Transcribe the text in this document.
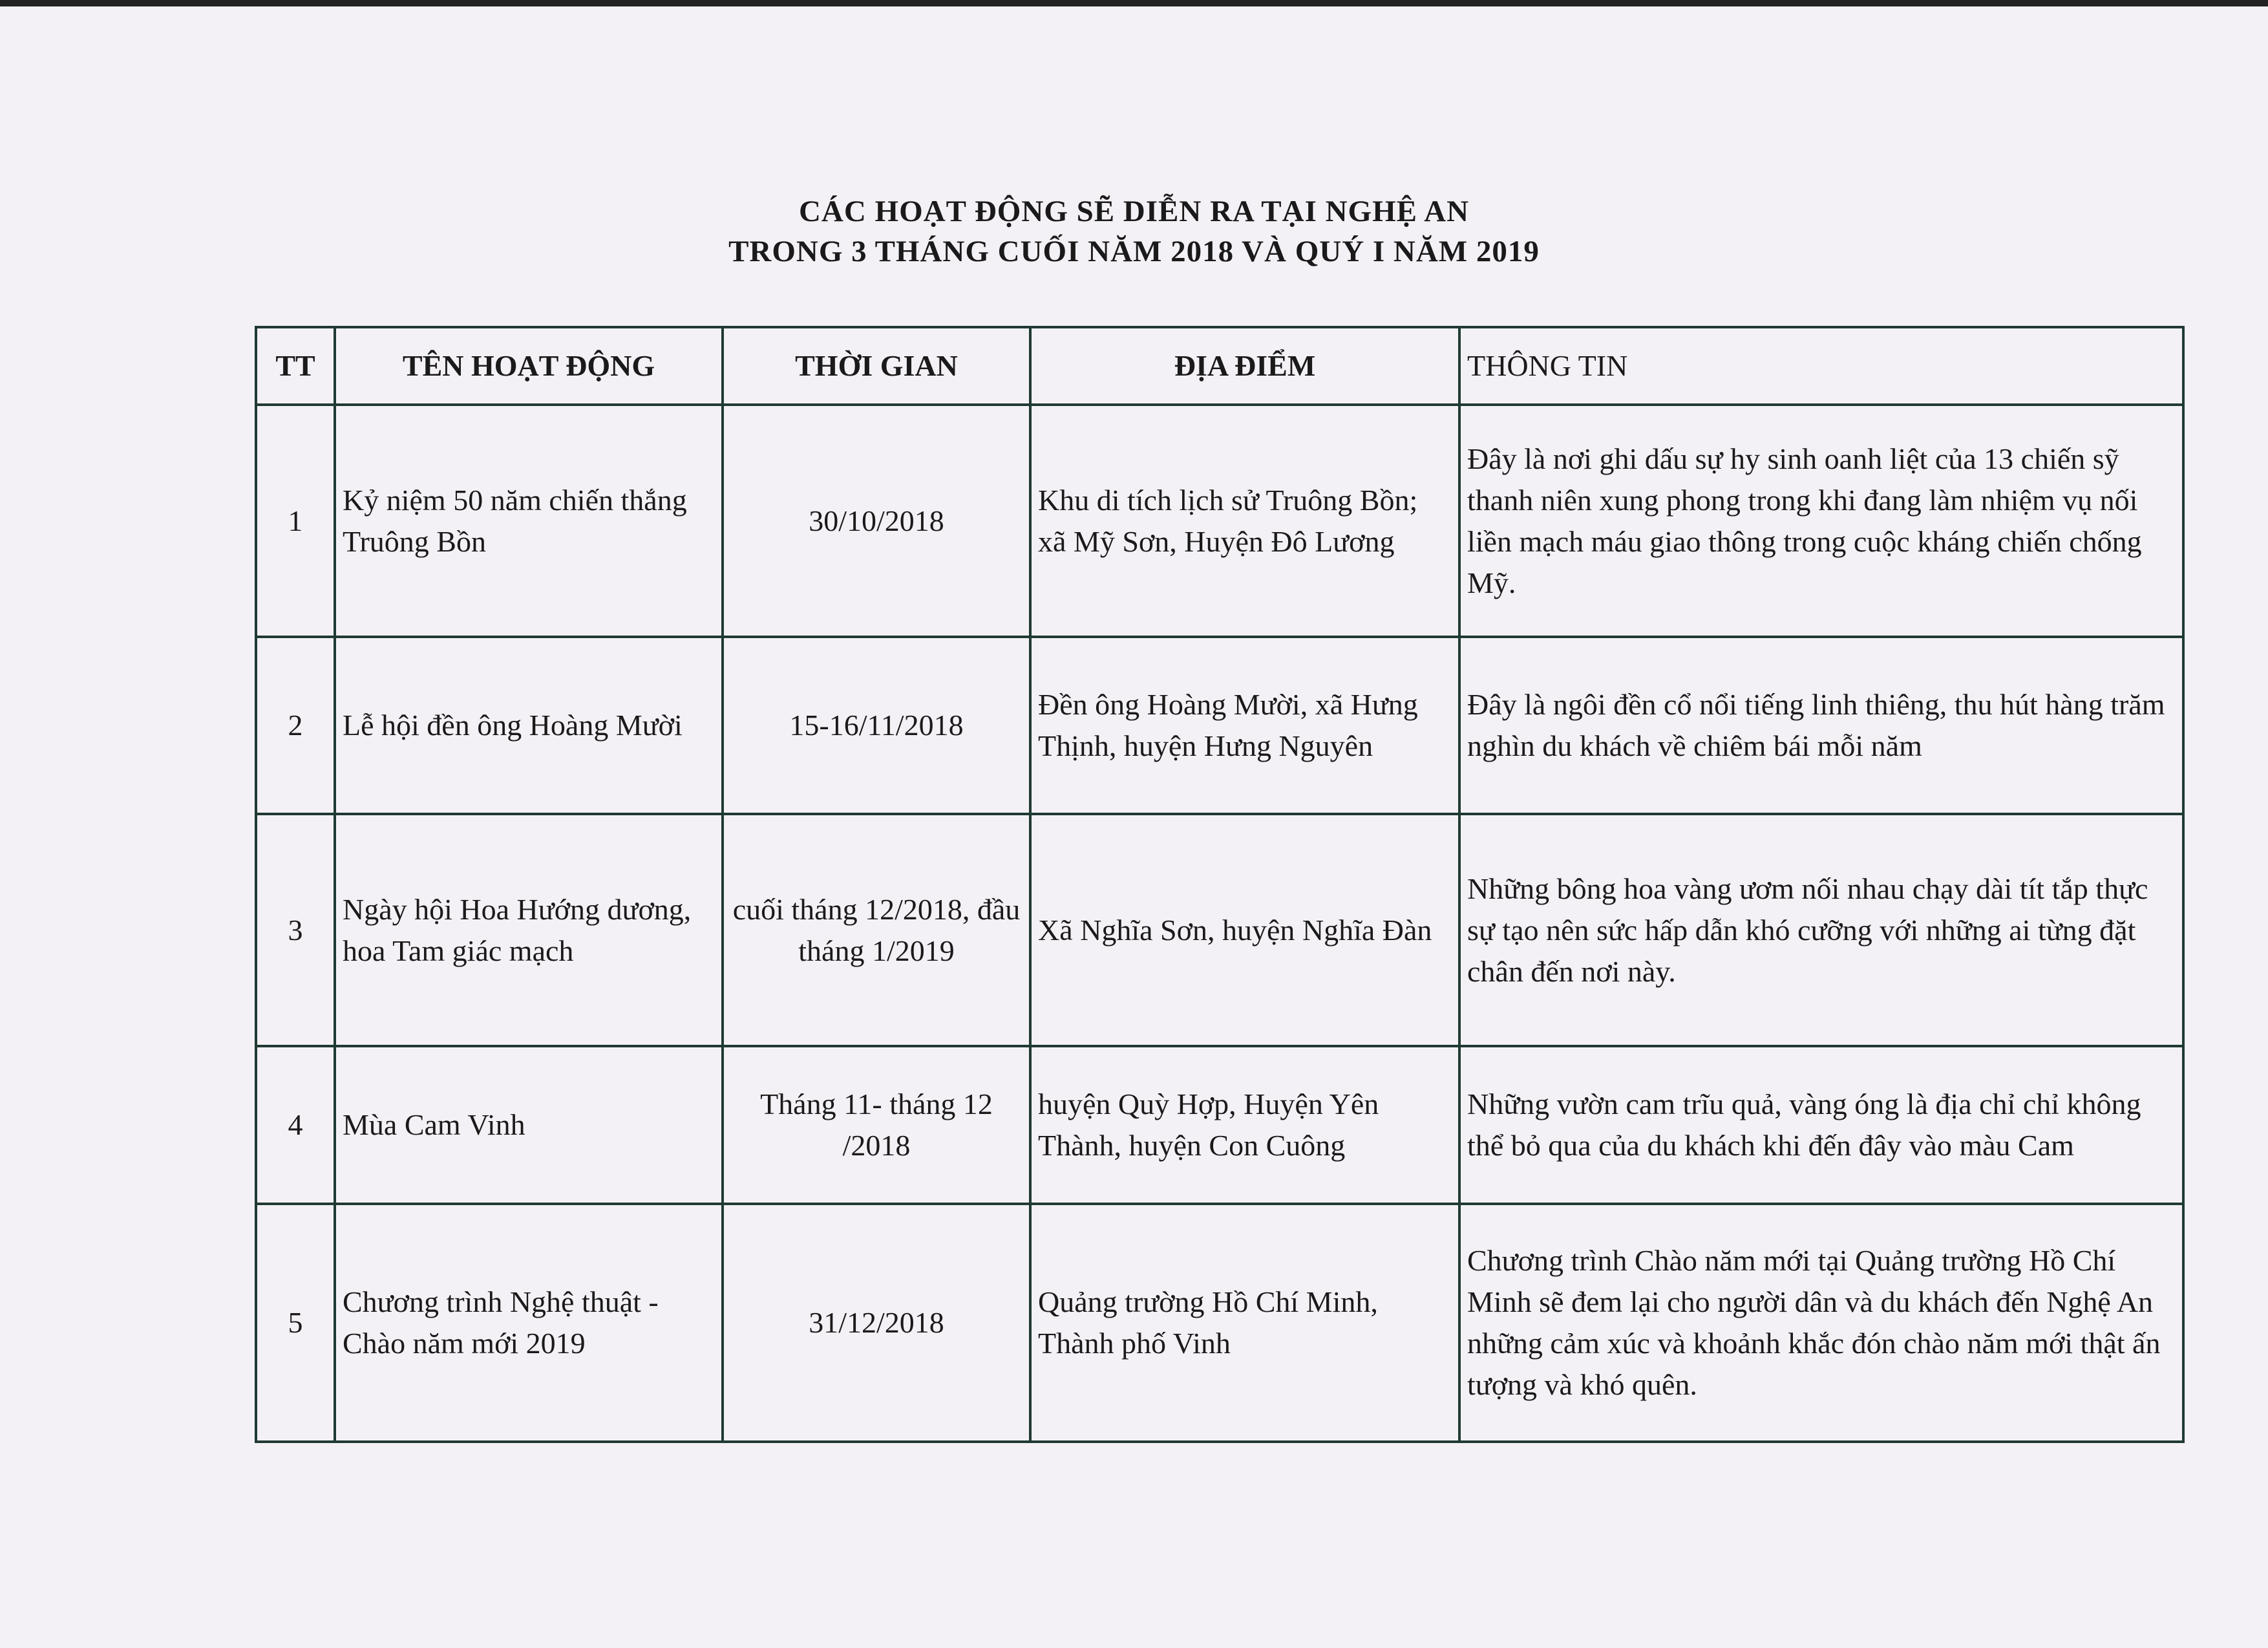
CÁC HOẠT ĐỘNG SẼ DIỄN RA TẠI NGHỆ AN
TRONG 3 THÁNG CUỐI NĂM 2018 VÀ QUÝ I NĂM 2019
TT	TÊN HOẠT ĐỘNG	THỜI GIAN	ĐỊA ĐIỂM	THÔNG TIN
1	Kỷ niệm 50 năm chiến thắng Truông Bồn	30/10/2018	Khu di tích lịch sử Truông Bồn; xã Mỹ Sơn, Huyện Đô Lương	Đây là nơi ghi dấu sự hy sinh oanh liệt của 13 chiến sỹ thanh niên xung phong trong khi đang làm nhiệm vụ nối liền mạch máu giao thông trong cuộc kháng chiến chống Mỹ.
2	Lễ hội đền ông Hoàng Mười	15-16/11/2018	Đền ông Hoàng Mười, xã Hưng Thịnh, huyện Hưng Nguyên	Đây là ngôi đền cổ nổi tiếng linh thiêng, thu hút hàng trăm nghìn du khách về chiêm bái mỗi năm
3	Ngày hội Hoa Hướng dương, hoa Tam giác mạch	cuối tháng 12/2018, đầu tháng 1/2019	Xã Nghĩa Sơn, huyện Nghĩa Đàn	Những bông hoa vàng ươm nối nhau chạy dài tít tắp thực sự tạo nên sức hấp dẫn khó cưỡng với những ai từng đặt chân đến nơi này.
4	Mùa Cam Vinh	Tháng 11- tháng 12 /2018	huyện Quỳ Hợp, Huyện Yên Thành, huyện Con Cuông	Những vườn cam trĩu quả, vàng óng là địa chỉ chỉ không thể bỏ qua của du khách khi đến đây vào màu Cam
5	Chương trình Nghệ thuật - Chào năm mới 2019	31/12/2018	Quảng trường Hồ Chí Minh, Thành phố Vinh	Chương trình Chào năm mới tại Quảng trường Hồ Chí Minh sẽ đem lại cho người dân và du khách đến Nghệ An những cảm xúc và khoảnh khắc đón chào năm mới thật ấn tượng và khó quên.
